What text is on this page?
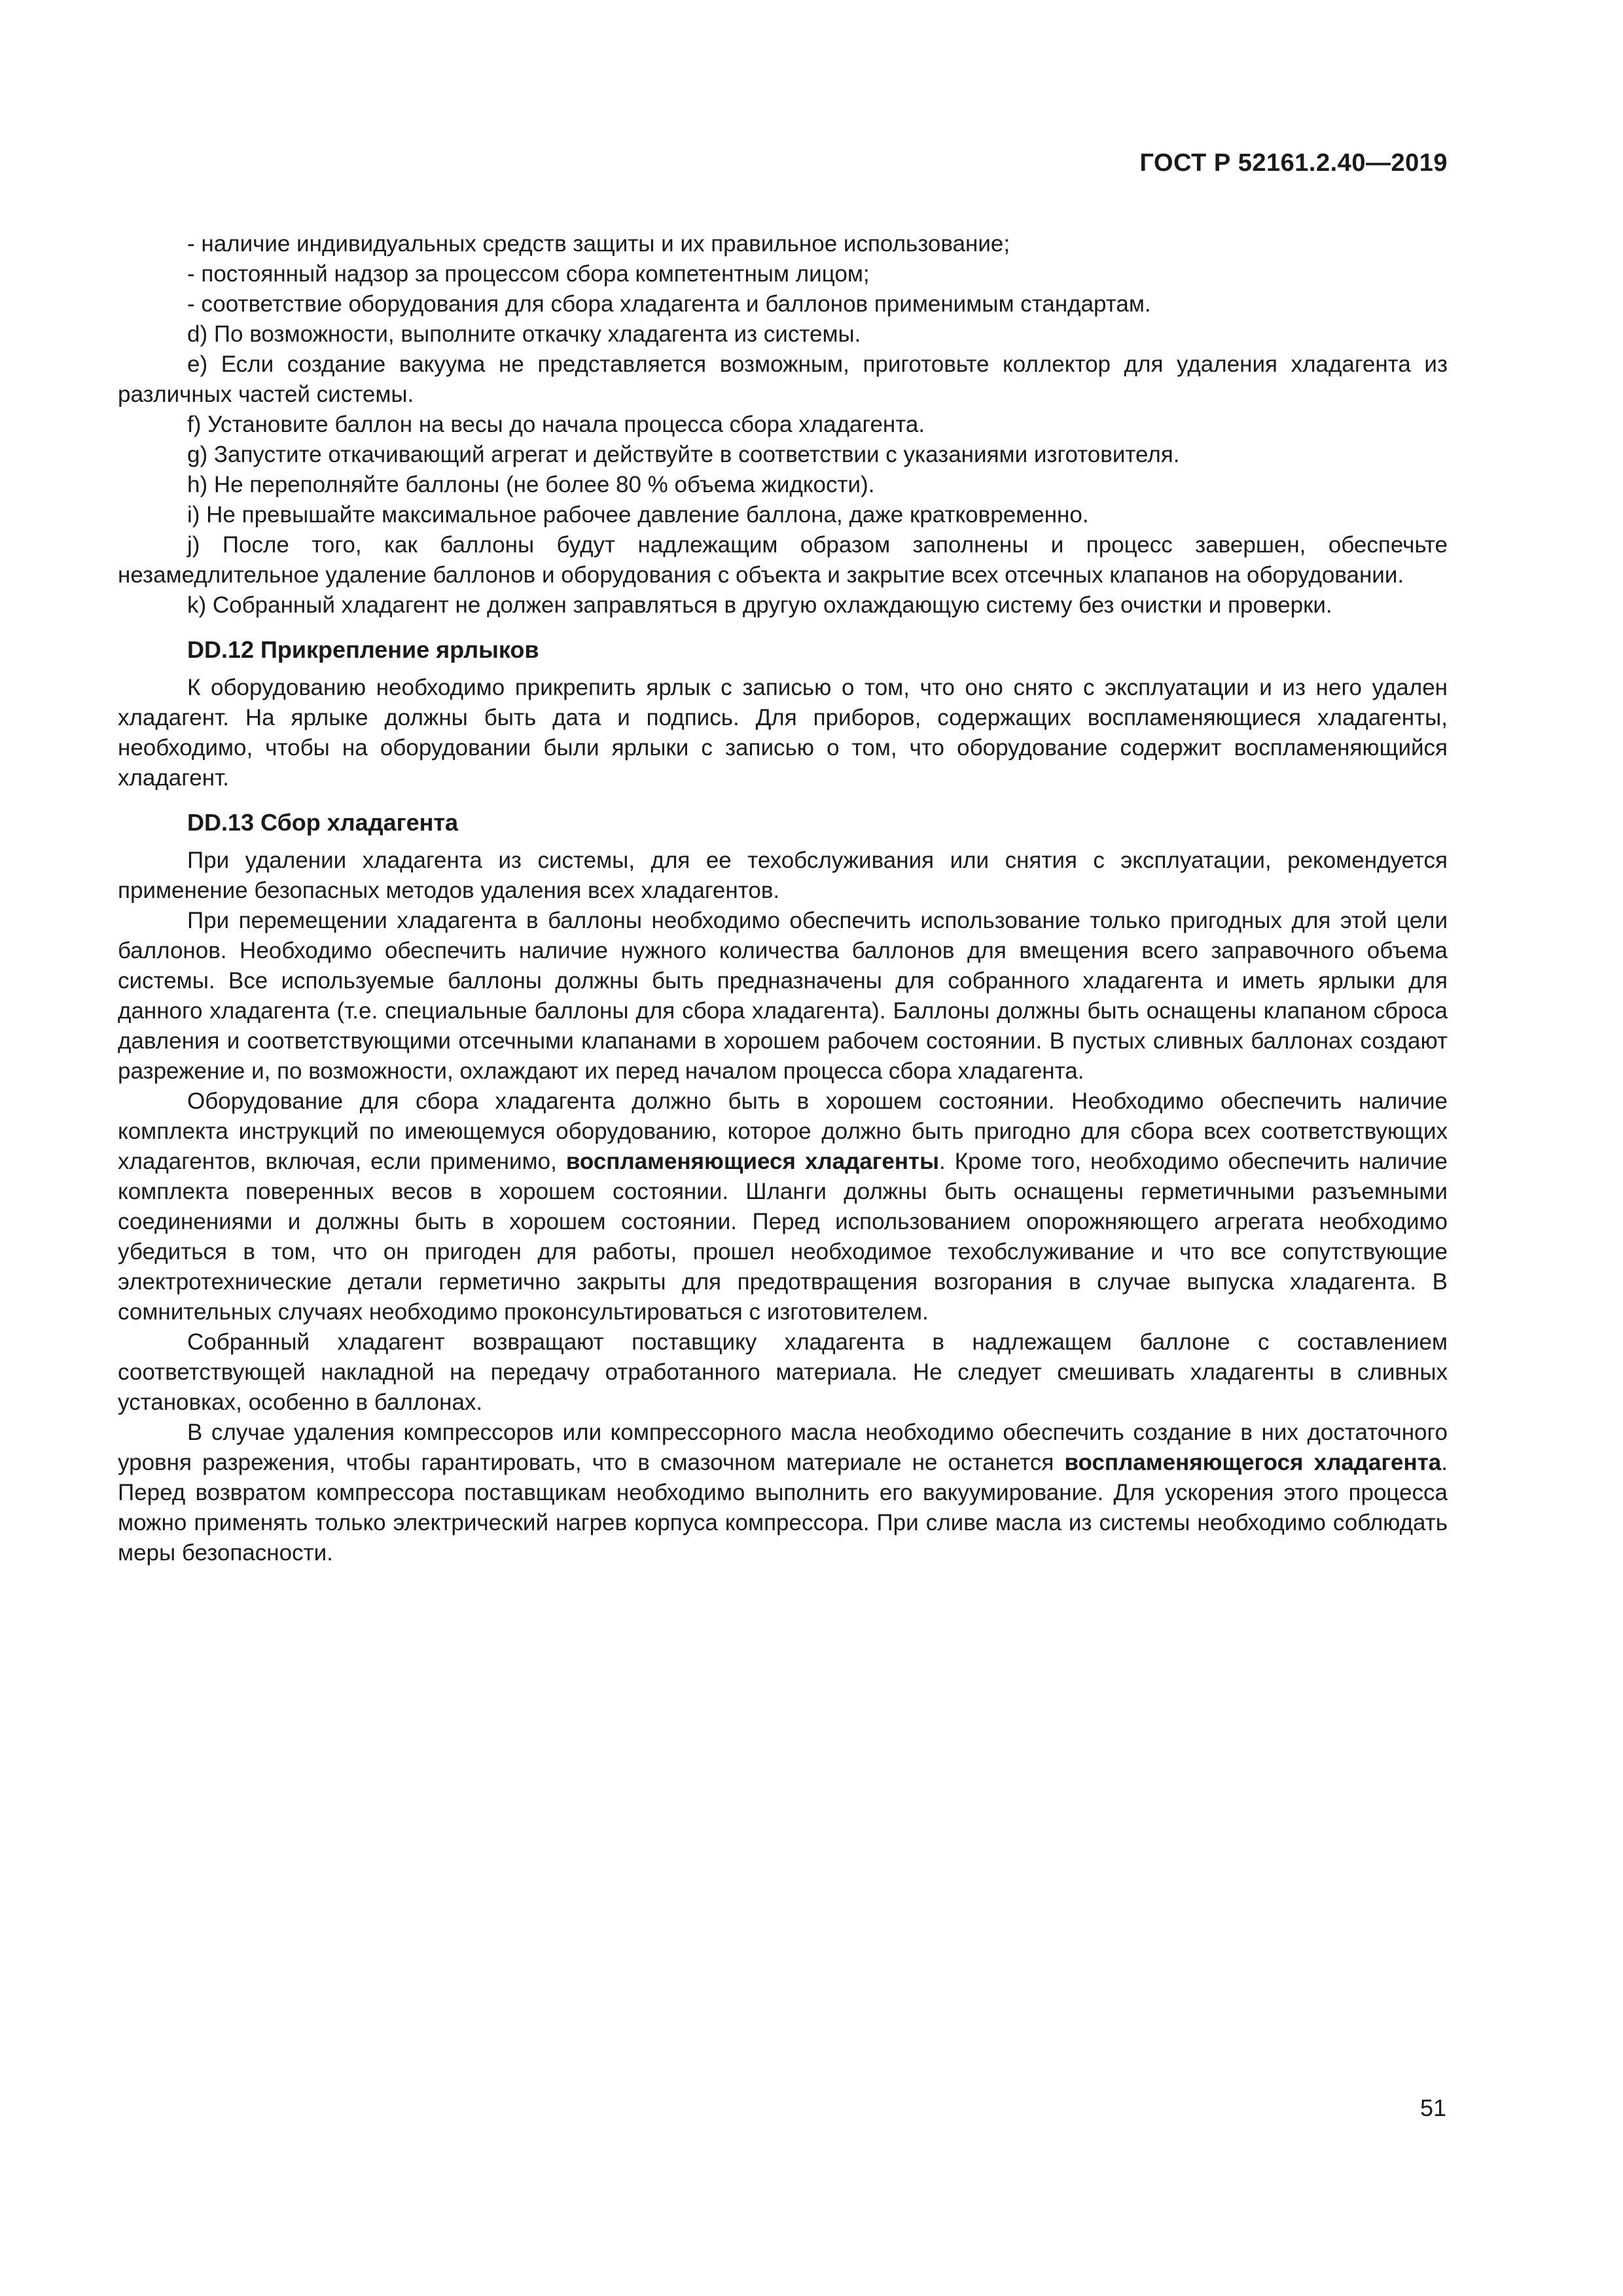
ГОСТ Р 52161.2.40—2019

- наличие индивидуальных средств защиты и их правильное использование;

- постоянный надзор за процессом сбора компетентным лицом;

- соответствие оборудования для сбора хладагента и баллонов применимым стандартам.

d) По возможности, выполните откачку хладагента из системы.

e) Если создание вакуума не представляется возможным, приготовьте коллектор для удаления хладагента из различных частей системы.

f) Установите баллон на весы до начала процесса сбора хладагента.

g) Запустите откачивающий агрегат и действуйте в соответствии с указаниями изготовителя.

h) Не переполняйте баллоны (не более 80 % объема жидкости).

i) Не превышайте максимальное рабочее давление баллона, даже кратковременно.

j) После того, как баллоны будут надлежащим образом заполнены и процесс завершен, обеспечьте незамедлительное удаление баллонов и оборудования с объекта и закрытие всех отсечных клапанов на оборудовании.

k) Собранный хладагент не должен заправляться в другую охлаждающую систему без очистки и проверки.

DD.12 Прикрепление ярлыков

К оборудованию необходимо прикрепить ярлык с записью о том, что оно снято с эксплуатации и из него удален хладагент. На ярлыке должны быть дата и подпись. Для приборов, содержащих воспламеняющиеся хладагенты, необходимо, чтобы на оборудовании были ярлыки с записью о том, что оборудование содержит воспламеняющийся хладагент.

DD.13 Сбор хладагента

При удалении хладагента из системы, для ее техобслуживания или снятия с эксплуатации, рекомендуется применение безопасных методов удаления всех хладагентов.

При перемещении хладагента в баллоны необходимо обеспечить использование только пригодных для этой цели баллонов. Необходимо обеспечить наличие нужного количества баллонов для вмещения всего заправочного объема системы. Все используемые баллоны должны быть предназначены для собранного хладагента и иметь ярлыки для данного хладагента (т.е. специальные баллоны для сбора хладагента). Баллоны должны быть оснащены клапаном сброса давления и соответствующими отсечными клапанами в хорошем рабочем состоянии. В пустых сливных баллонах создают разрежение и, по возможности, охлаждают их перед началом процесса сбора хладагента.

Оборудование для сбора хладагента должно быть в хорошем состоянии. Необходимо обеспечить наличие комплекта инструкций по имеющемуся оборудованию, которое должно быть пригодно для сбора всех соответствующих хладагентов, включая, если применимо, воспламеняющиеся хладагенты. Кроме того, необходимо обеспечить наличие комплекта поверенных весов в хорошем состоянии. Шланги должны быть оснащены герметичными разъемными соединениями и должны быть в хорошем состоянии. Перед использованием опорожняющего агрегата необходимо убедиться в том, что он пригоден для работы, прошел необходимое техобслуживание и что все сопутствующие электротехнические детали герметично закрыты для предотвращения возгорания в случае выпуска хладагента. В сомнительных случаях необходимо проконсультироваться с изготовителем.

Собранный хладагент возвращают поставщику хладагента в надлежащем баллоне с составлением соответствующей накладной на передачу отработанного материала. Не следует смешивать хладагенты в сливных установках, особенно в баллонах.

В случае удаления компрессоров или компрессорного масла необходимо обеспечить создание в них достаточного уровня разрежения, чтобы гарантировать, что в смазочном материале не останется воспламеняющегося хладагента. Перед возвратом компрессора поставщикам необходимо выполнить его вакуумирование. Для ускорения этого процесса можно применять только электрический нагрев корпуса компрессора. При сливе масла из системы необходимо соблюдать меры безопасности.

51
